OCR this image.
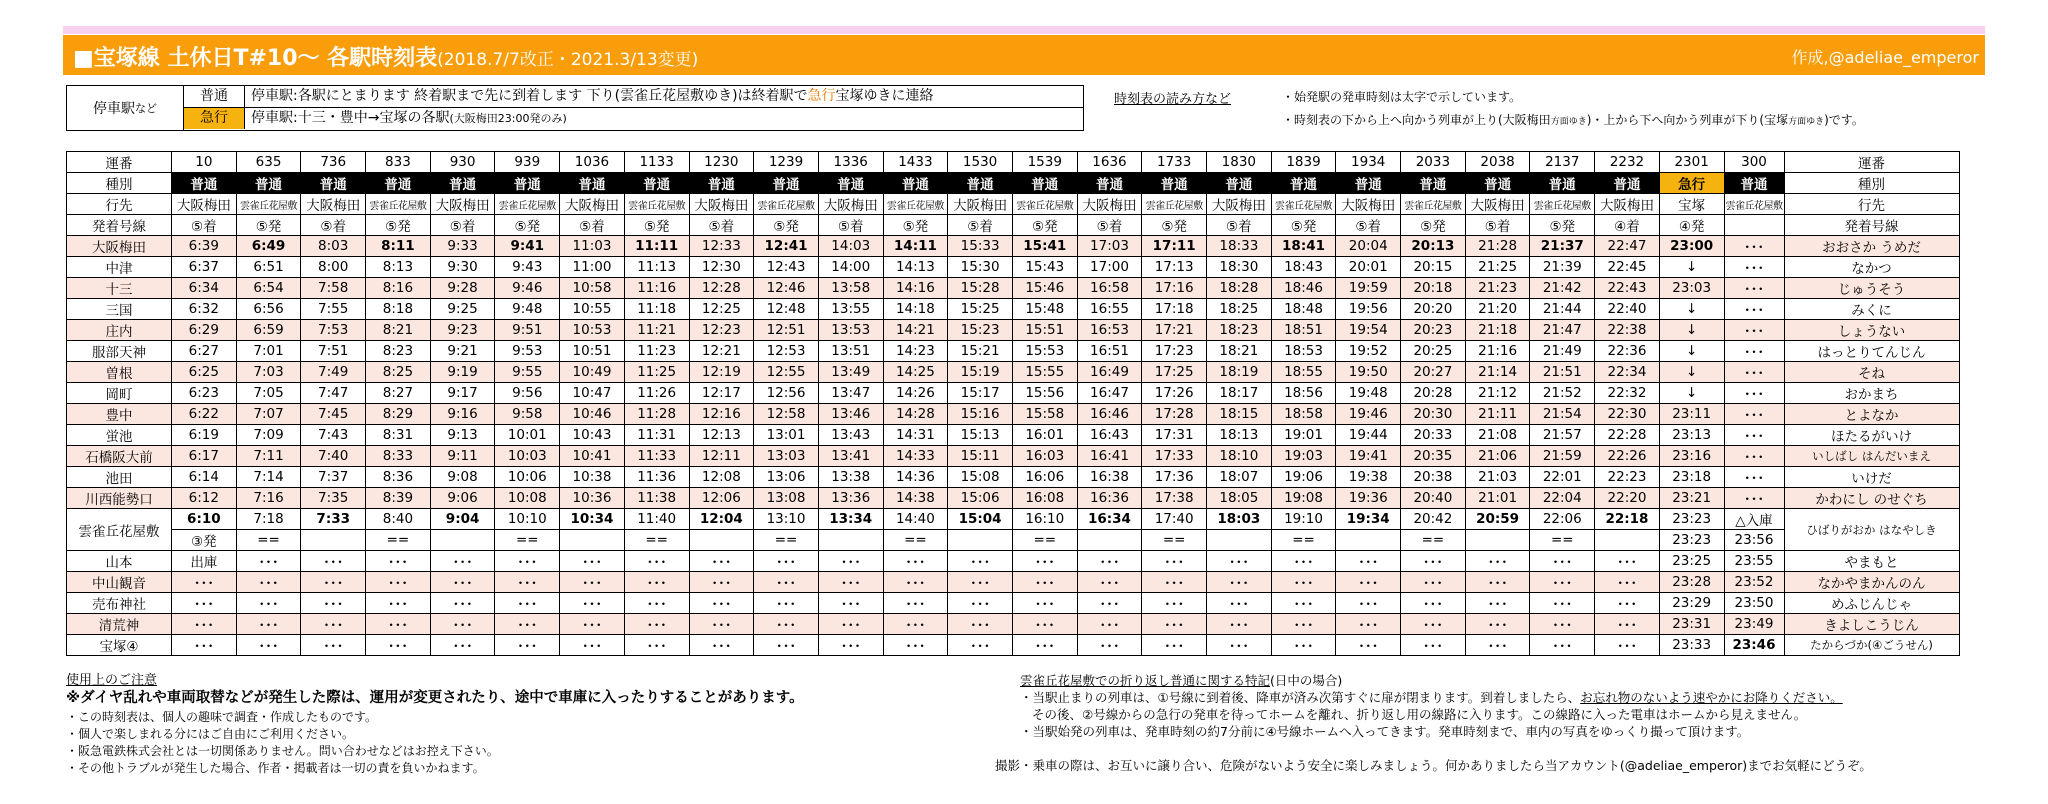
■宝塚線 土休日T#10～ 各駅時刻表(2018.7/7改正・2021.3/13変更)	作成,@adeliae_emperor
停車駅 など
普通	停車駅:各駅にとまります 終着駅まで先に到着します 下り(雲雀丘花屋敷ゆき)は終着駅で急行宝塚ゆきに連絡
急行	停車駅:十三・豊中→宝塚の各駅(大阪梅田23:00発のみ)
時刻表の読み方など	・始発駅の発車時刻は太字で示しています。
・時刻表の下から上へ向かう列車が上り(大阪梅田方面ゆき)・上から下へ向かう列車が下り(宝塚方面ゆき)です。
運番	10	635	736	833	930	939	1036	1133	1230	1239	1336	1433	1530	1539	1636	1733	1830	1839	1934	2033	2038	2137	2232	2301	300	運番
種別	普通	普通	普通	普通	普通	普通	普通	普通	普通	普通	普通	普通	普通	普通	普通	普通	普通	普通	普通	普通	普通	普通	普通	急行	普通	種別
行先	大阪梅田	雲雀丘花屋敷	大阪梅田	雲雀丘花屋敷	大阪梅田	雲雀丘花屋敷	大阪梅田	雲雀丘花屋敷	大阪梅田	雲雀丘花屋敷	大阪梅田	雲雀丘花屋敷	大阪梅田	雲雀丘花屋敷	大阪梅田	雲雀丘花屋敷	大阪梅田	雲雀丘花屋敷	大阪梅田	雲雀丘花屋敷	大阪梅田	雲雀丘花屋敷	大阪梅田	宝塚	雲雀丘花屋敷	行先
発着号線	⑤着	⑤発	⑤着	⑤発	⑤着	⑤発	⑤着	⑤発	⑤着	⑤発	⑤着	⑤発	⑤着	⑤発	⑤着	⑤発	⑤着	⑤発	⑤着	⑤発	⑤着	⑤発	④着	④発		発着号線
大阪梅田	6:39	6:49	8:03	8:11	9:33	9:41	11:03	11:11	12:33	12:41	14:03	14:11	15:33	15:41	17:03	17:11	18:33	18:41	20:04	20:13	21:28	21:37	22:47	23:00	･･･	おおさか うめだ
中津	6:37	6:51	8:00	8:13	9:30	9:43	11:00	11:13	12:30	12:43	14:00	14:13	15:30	15:43	17:00	17:13	18:30	18:43	20:01	20:15	21:25	21:39	22:45	↓	･･･	なかつ
十三	6:34	6:54	7:58	8:16	9:28	9:46	10:58	11:16	12:28	12:46	13:58	14:16	15:28	15:46	16:58	17:16	18:28	18:46	19:59	20:18	21:23	21:42	22:43	23:03	･･･	じゅうそう
三国	6:32	6:56	7:55	8:18	9:25	9:48	10:55	11:18	12:25	12:48	13:55	14:18	15:25	15:48	16:55	17:18	18:25	18:48	19:56	20:20	21:20	21:44	22:40	↓	･･･	みくに
庄内	6:29	6:59	7:53	8:21	9:23	9:51	10:53	11:21	12:23	12:51	13:53	14:21	15:23	15:51	16:53	17:21	18:23	18:51	19:54	20:23	21:18	21:47	22:38	↓	･･･	しょうない
服部天神	6:27	7:01	7:51	8:23	9:21	9:53	10:51	11:23	12:21	12:53	13:51	14:23	15:21	15:53	16:51	17:23	18:21	18:53	19:52	20:25	21:16	21:49	22:36	↓	･･･	はっとりてんじん
曽根	6:25	7:03	7:49	8:25	9:19	9:55	10:49	11:25	12:19	12:55	13:49	14:25	15:19	15:55	16:49	17:25	18:19	18:55	19:50	20:27	21:14	21:51	22:34	↓	･･･	そね
岡町	6:23	7:05	7:47	8:27	9:17	9:56	10:47	11:26	12:17	12:56	13:47	14:26	15:17	15:56	16:47	17:26	18:17	18:56	19:48	20:28	21:12	21:52	22:32	↓	･･･	おかまち
豊中	6:22	7:07	7:45	8:29	9:16	9:58	10:46	11:28	12:16	12:58	13:46	14:28	15:16	15:58	16:46	17:28	18:15	18:58	19:46	20:30	21:11	21:54	22:30	23:11	･･･	とよなか
蛍池	6:19	7:09	7:43	8:31	9:13	10:01	10:43	11:31	12:13	13:01	13:43	14:31	15:13	16:01	16:43	17:31	18:13	19:01	19:44	20:33	21:08	21:57	22:28	23:13	･･･	ほたるがいけ
石橋阪大前	6:17	7:11	7:40	8:33	9:11	10:03	10:41	11:33	12:11	13:03	13:41	14:33	15:11	16:03	16:41	17:33	18:10	19:03	19:41	20:35	21:06	21:59	22:26	23:16	･･･	いしばし はんだいまえ
池田	6:14	7:14	7:37	8:36	9:08	10:06	10:38	11:36	12:08	13:06	13:38	14:36	15:08	16:06	16:38	17:36	18:07	19:06	19:38	20:38	21:03	22:01	22:23	23:18	･･･	いけだ
川西能勢口	6:12	7:16	7:35	8:39	9:06	10:08	10:36	11:38	12:06	13:08	13:36	14:38	15:06	16:08	16:36	17:38	18:05	19:08	19:36	20:40	21:01	22:04	22:20	23:21	･･･	かわにし のせぐち
雲雀丘花屋敷	6:10	7:18	7:33	8:40	9:04	10:10	10:34	11:40	12:04	13:10	13:34	14:40	15:04	16:10	16:34	17:40	18:03	19:10	19:34	20:42	20:59	22:06	22:18	23:23	△入庫	ひばりがおか はなやしき
	③発	==		==		==		==		==		==		==		==		==		==		==		23:23	23:56	
山本	出庫	･･･	･･･	･･･	･･･	･･･	･･･	･･･	･･･	･･･	･･･	･･･	･･･	･･･	･･･	･･･	･･･	･･･	･･･	･･･	･･･	･･･	･･･	23:25	23:55	やまもと
中山観音	･･･	･･･	･･･	･･･	･･･	･･･	･･･	･･･	･･･	･･･	･･･	･･･	･･･	･･･	･･･	･･･	･･･	･･･	･･･	･･･	･･･	･･･	･･･	23:28	23:52	なかやまかんのん
売布神社	･･･	･･･	･･･	･･･	･･･	･･･	･･･	･･･	･･･	･･･	･･･	･･･	･･･	･･･	･･･	･･･	･･･	･･･	･･･	･･･	･･･	･･･	･･･	23:29	23:50	めふじんじゃ
清荒神	･･･	･･･	･･･	･･･	･･･	･･･	･･･	･･･	･･･	･･･	･･･	･･･	･･･	･･･	･･･	･･･	･･･	･･･	･･･	･･･	･･･	･･･	･･･	23:31	23:49	きよしこうじん
宝塚④	･･･	･･･	･･･	･･･	･･･	･･･	･･･	･･･	･･･	･･･	･･･	･･･	･･･	･･･	･･･	･･･	･･･	･･･	･･･	･･･	･･･	･･･	･･･	23:33	23:46	たからづか(④ごうせん)
使用上のご注意
※ダイヤ乱れや車両取替などが発生した際は、運用が変更されたり、途中で車庫に入ったりすることがあります。
・この時刻表は、個人の趣味で調査・作成したものです。
・個人で楽しまれる分にはご自由にご利用ください。
・阪急電鉄株式会社とは一切関係ありません。問い合わせなどはお控え下さい。
・その他トラブルが発生した場合、作者・掲載者は一切の責を負いかねます。
雲雀丘花屋敷での折り返し普通に関する特記(日中の場合)
・当駅止まりの列車は、①号線に到着後、降車が済み次第すぐに扉が閉まります。到着しましたら、お忘れ物のないよう速やかにお降りください。
その後、②号線からの急行の発車を待ってホームを離れ、折り返し用の線路に入ります。この線路に入った電車はホームから見えません。
・当駅始発の列車は、発車時刻の約7分前に④号線ホームへ入ってきます。発車時刻まで、車内の写真をゆっくり撮って頂けます。
撮影・乗車の際は、お互いに譲り合い、危険がないよう安全に楽しみましょう。何かありましたら当アカウント(@adeliae_emperor)までお気軽にどうぞ。
